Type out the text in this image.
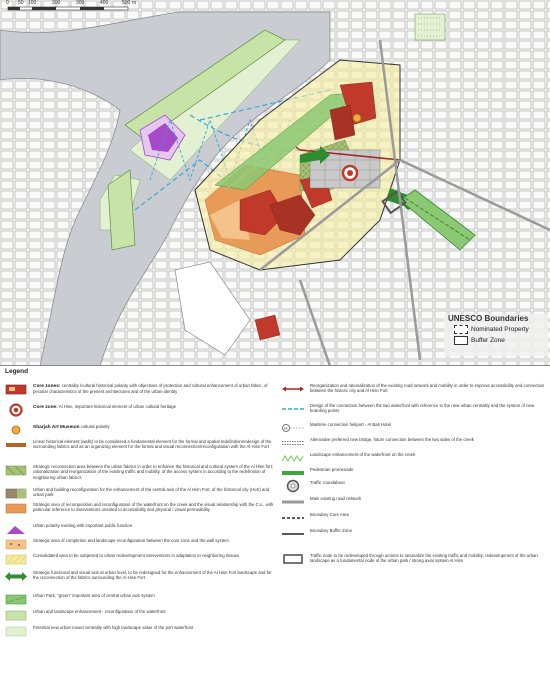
0 50 100	200	300	400	500 m
UNESCO Boundaries
Nominated Property
Buffer Zone
Legend
Core zones: centrality /cultural historical polarity with objectives of protection and cultural enhancement of urban fabric, of peculiar characteristics of the present architectures and of the urban identity
Core zone: Al Hisn, important historical element of urban cultural heritage
Sharjah Art Museum cultural polarity
Linear historical element (walls) to be considered a fundamental element for the formal and spatial redefinition/redesign of the surrounding fabrics and as an organizing element for the formal and visual reconnection/reconfiguration with the Al Hisn Fort
Strategic reconnection area between the urban fabrics in order to enhance the historical and cultural system of the Al Hisn fort; rationalization and reorganization of the existing traffic and mobility, of the access system in according to the redefinition of neighboring urban fabrics
Urban and building reconfiguration for the enhancement of the central axis of the Al Hisn Fort, of the historical city (HoS) and urban park
Strategic area of recomposition and reconfiguration of the waterfront on the creek and the visual relationship with the C.s., with particular reference to interventions oriented to accessibility and physical / visual permeability
Urban polarity existing with important public function
Strategic area of completion and landscape reconfiguration between the core zone and the wall system
Consolidated area to be subjected to urban redevelopment interventions in adaptation to neighboring tissues
Strategic functional and visual axis at urban level, to be redesigned for the enhancement of the Al Hisn Fort landscape and for the reconnection of the fabrics surrounding the Al Hisn Fort
Urban Park, "green" important area of central urban axis system
Urban and landscape enhancement - reconfiguration of the waterfront
Potential new urban mixed centrality with high landscape value of the port waterfront
Reorganization and rationalization of the existing road network and mobility in order to improve accessibility and connection between the historic city and Al Hisn Fort
Design of the connection between the two waterfront with reference to the new urban centrality and the system of new boarding points
H
Maritime connection heliport - Al Bait Hotel
Alternative preferred new bridge, future connection between the two sides of the creek
Landscape enhancement of the waterfront on the creek
Pedestrian promenade
Traffic roundabout
Main existing road network
Boundary Core Area
Boundary Buffer Zone
Traffic node to be redeveloped through actions to rationalize the existing traffic and mobility; redevelopment of the urban landscape as a fundamental node of the urban park / strong axial system Al Hisn
